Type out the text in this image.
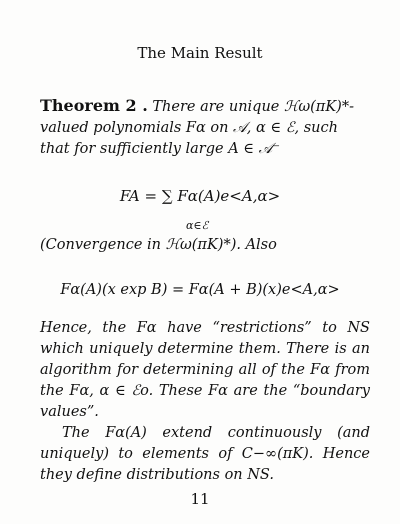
The Main Result
Theorem 2 . There are unique ℋω(πK)*-valued polynomials Fα on 𝒜, α ∈ ℰ, such that for sufficiently large A ∈ 𝒜⁻
FA = ∑ Fα(A)e<A,α>
α∈ℰ
(Convergence in ℋω(πK)*). Also
Fα(A)(x exp B) = Fα(A + B)(x)e<A,α>

Hence, the Fα have “restrictions” to NS which uniquely determine them. There is an algorithm for determining all of the Fα from the Fα, α ∈ ℰo. These Fα are the “boundary values”.

The Fα(A) extend continuously (and uniquely) to elements of C−∞(πK). Hence they define distributions on NS.

11
